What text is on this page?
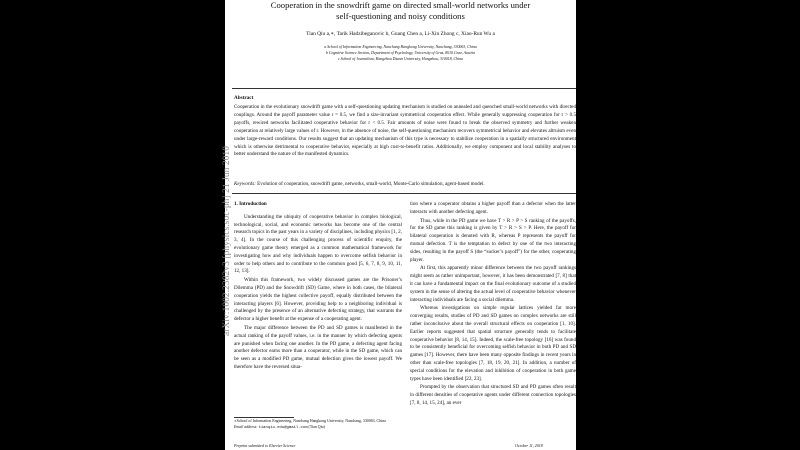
Cooperation in the snowdrift game on directed small-world networks under
self-questioning and noisy conditions
Tian Qiu a,∗, Tarik Hadzibeganovic b, Guang Chen a, Li-Xin Zhong c, Xiao-Run Wu a
a School of Information Engineering, Nanchang Hangkong University, Nanchang, 330063, China
b Cognitive Science Section, Department of Psychology, University of Graz, 8010 Graz, Austria
c School of Journalism, Hangzhou Dianzi University, Hangzhou, 310018, China
Abstract
Cooperation in the evolutionary snowdrift game with a self-questioning updating mechanism is studied on annealed and quenched small-world networks with directed couplings. Around the payoff parameter value r = 0.5, we find a size-invariant symmetrical cooperation effect. While generally suppressing cooperation for r > 0.5 payoffs, rewired networks facilitated cooperative behavior for r < 0.5. Fair amounts of noise were found to break the observed symmetry and further weaken cooperation at relatively large values of r. However, in the absence of noise, the self-questioning mechanism recovers symmetrical behavior and elevates altruism even under large-reward conditions. Our results suggest that an updating mechanism of this type is necessary to stabilize cooperation in a spatially structured environment which is otherwise detrimental to cooperative behavior, especially at high cost-to-benefit ratios. Additionally, we employ component and local stability analyses to better understand the nature of the manifested dynamics.
Keywords: Evolution of cooperation, snowdrift game, networks, small-world, Monte-Carlo simulation, agent-based model.
1. Introduction

Understanding the ubiquity of cooperative behavior in complex biological, technological, social, and economic networks has become one of the central research topics in the past years in a variety of disciplines, including physics [1, 2, 3, 4]. In the course of this challenging process of scientific enquiry, the evolutionary game theory emerged as a common mathematical framework for investigating how and why individuals happen to overcome selfish behavior in order to help others and to contribute to the common good [5, 6, 7, 8, 9, 10, 11, 12, 13].

Within this framework, two widely discussed games are the Prisoner’s Dilemma (PD) and the Snowdrift (SD) Game, where in both cases, the bilateral cooperation yields the highest collective payoff, equally distributed between the interacting players [6]. However, providing help to a neighboring individual is challenged by the presence of an alternative defecting strategy, that warrants the defector a higher benefit at the expense of a cooperating agent.

The major difference between the PD and SD games is manifested in the actual ranking of the payoff values, i.e. in the manner by which defecting agents are punished when facing one another. In the PD game, a defecting agent facing another defector earns more than a cooperator, while in the SD game, which can be seen as a modified PD game, mutual defection gives the lowest payoff. We therefore have the reversed situa-

tion where a cooperator obtains a higher payoff than a defector when the latter interacts with another defecting agent.

Thus, while in the PD game we have T > R > P > S ranking of the payoffs, for the SD game this ranking is given by T > R > S > P. Here, the payoff for bilateral cooperation is denoted with R, whereas P represents the payoff for mutual defection. T is the temptation to defect by one of the two interacting sides, resulting in the payoff S (the “sucker’s payoff”) for the other, cooperating player.

At first, this apparently minor difference between the two payoff rankings might seem as rather unimportant, however, it has been demonstrated [7, 8] that it can have a fundamental impact on the final evolutionary outcome of a studied system in the sense of altering the actual level of cooperative behavior whenever interacting individuals are facing a social dilemma.

Whereas investigations on simple regular lattices yielded far more converging results, studies of PD and SD games on complex networks are still rather inconclusive about the overall structural effects on cooperation [1, 10]. Earlier reports suggested that spatial structure generally tends to facilitate cooperative behavior [8, 14, 15]. Indeed, the scale-free topology [16] was found to be consistently beneficial for overcoming selfish behavior in both PD and SD games [17]. However, there have been many opposite findings in recent years in other than scale-free topologies [7, 18, 19, 20, 21]. In addition, a number of special conditions for the elevation and inhibition of cooperation in both game types have been identified [22, 23].

Prompted by the observation that structured SD and PD games often result in different densities of cooperative agents under different connection topologies [7, 8, 14, 15, 24], an ever

∗School of Information Engineering, Nanchang Hangkong University, Nanchang, 330063, China
Email address: tianqiu.edu@gmail.com (Tian Qiu)
Preprint submitted to Elsevier Science	October 11, 2018
arXiv:1002.2382v3 [physics.soc-ph] 21 Jun 2010
